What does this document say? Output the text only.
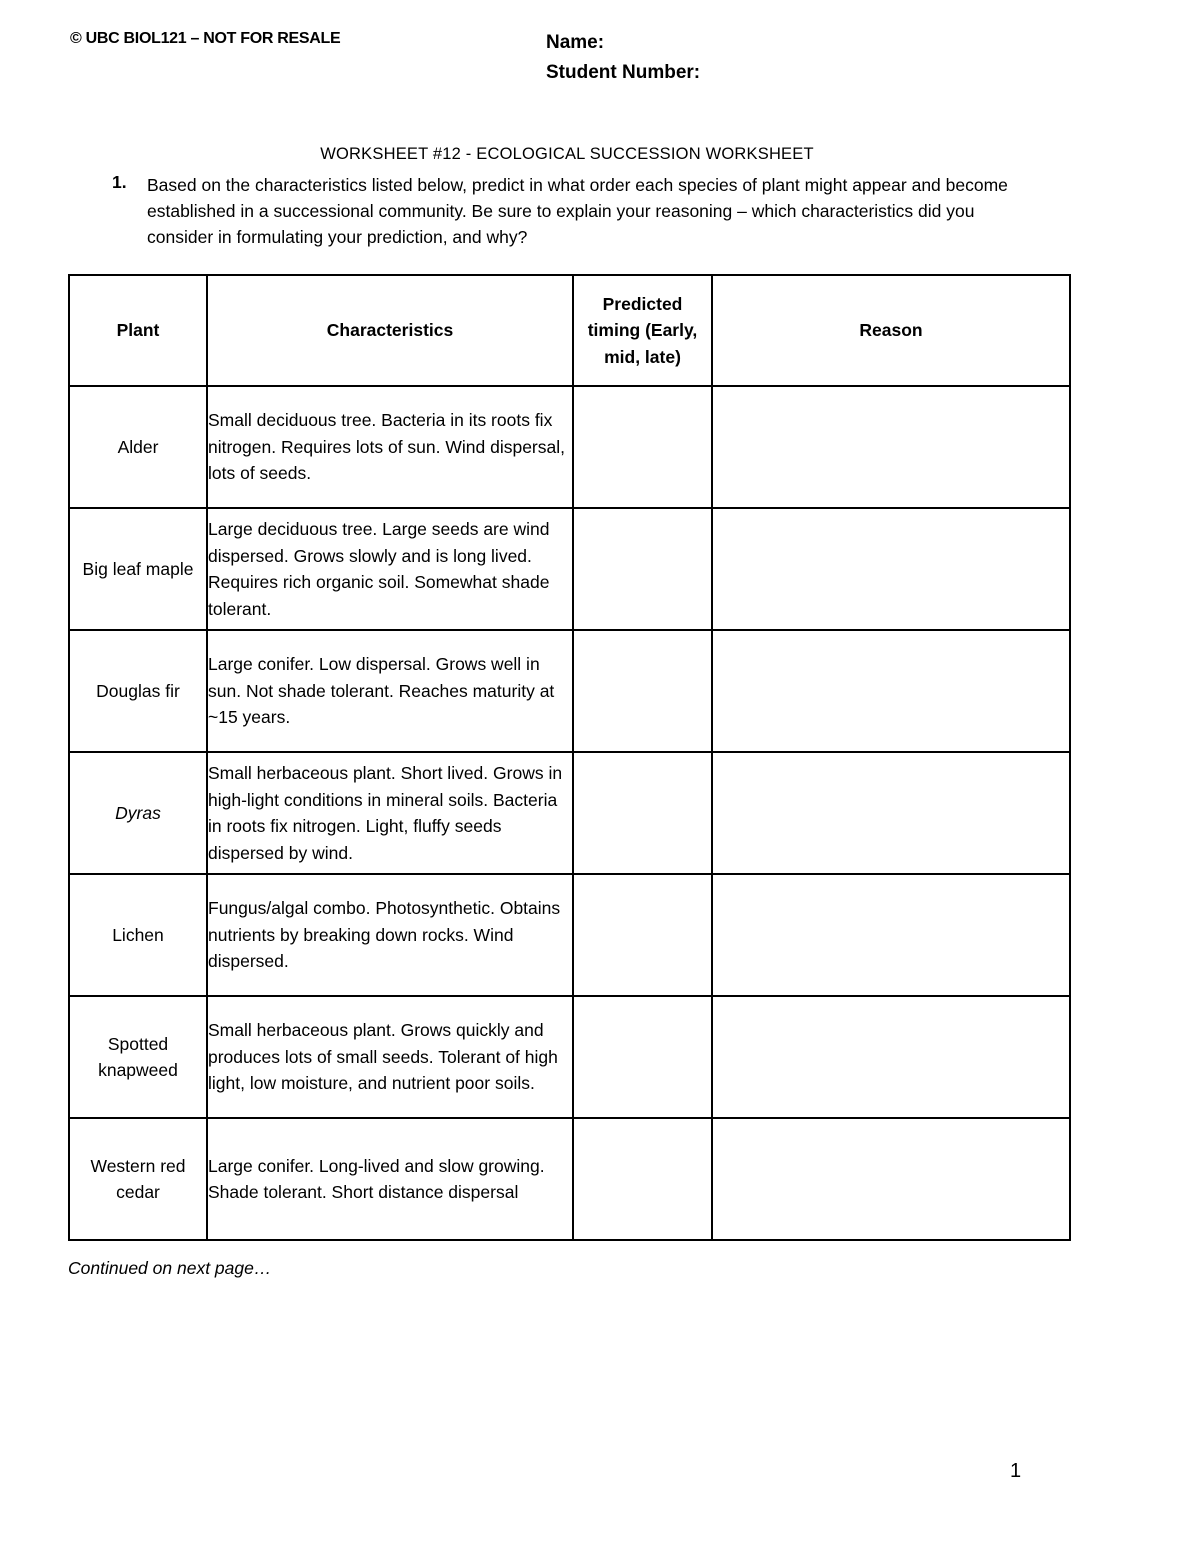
© UBC BIOL121 – NOT FOR RESALE	Name:
Student Number:
WORKSHEET #12 - ECOLOGICAL SUCCESSION WORKSHEET
1. Based on the characteristics listed below, predict in what order each species of plant might appear and become established in a successional community. Be sure to explain your reasoning – which characteristics did you consider in formulating your prediction, and why?
Plant	Characteristics	Predicted timing (Early, mid, late)	Reason
Alder	Small deciduous tree. Bacteria in its roots fix nitrogen. Requires lots of sun. Wind dispersal, lots of seeds.		
Big leaf maple	Large deciduous tree. Large seeds are wind dispersed. Grows slowly and is long lived. Requires rich organic soil. Somewhat shade tolerant.		
Douglas fir	Large conifer. Low dispersal. Grows well in sun. Not shade tolerant. Reaches maturity at ~15 years.		
Dyras	Small herbaceous plant. Short lived. Grows in high-light conditions in mineral soils. Bacteria in roots fix nitrogen. Light, fluffy seeds dispersed by wind.		
Lichen	Fungus/algal combo. Photosynthetic. Obtains nutrients by breaking down rocks. Wind dispersed.		
Spotted knapweed	Small herbaceous plant. Grows quickly and produces lots of small seeds. Tolerant of high light, low moisture, and nutrient poor soils.		
Western red cedar	Large conifer. Long-lived and slow growing. Shade tolerant. Short distance dispersal		
Continued on next page…
1
